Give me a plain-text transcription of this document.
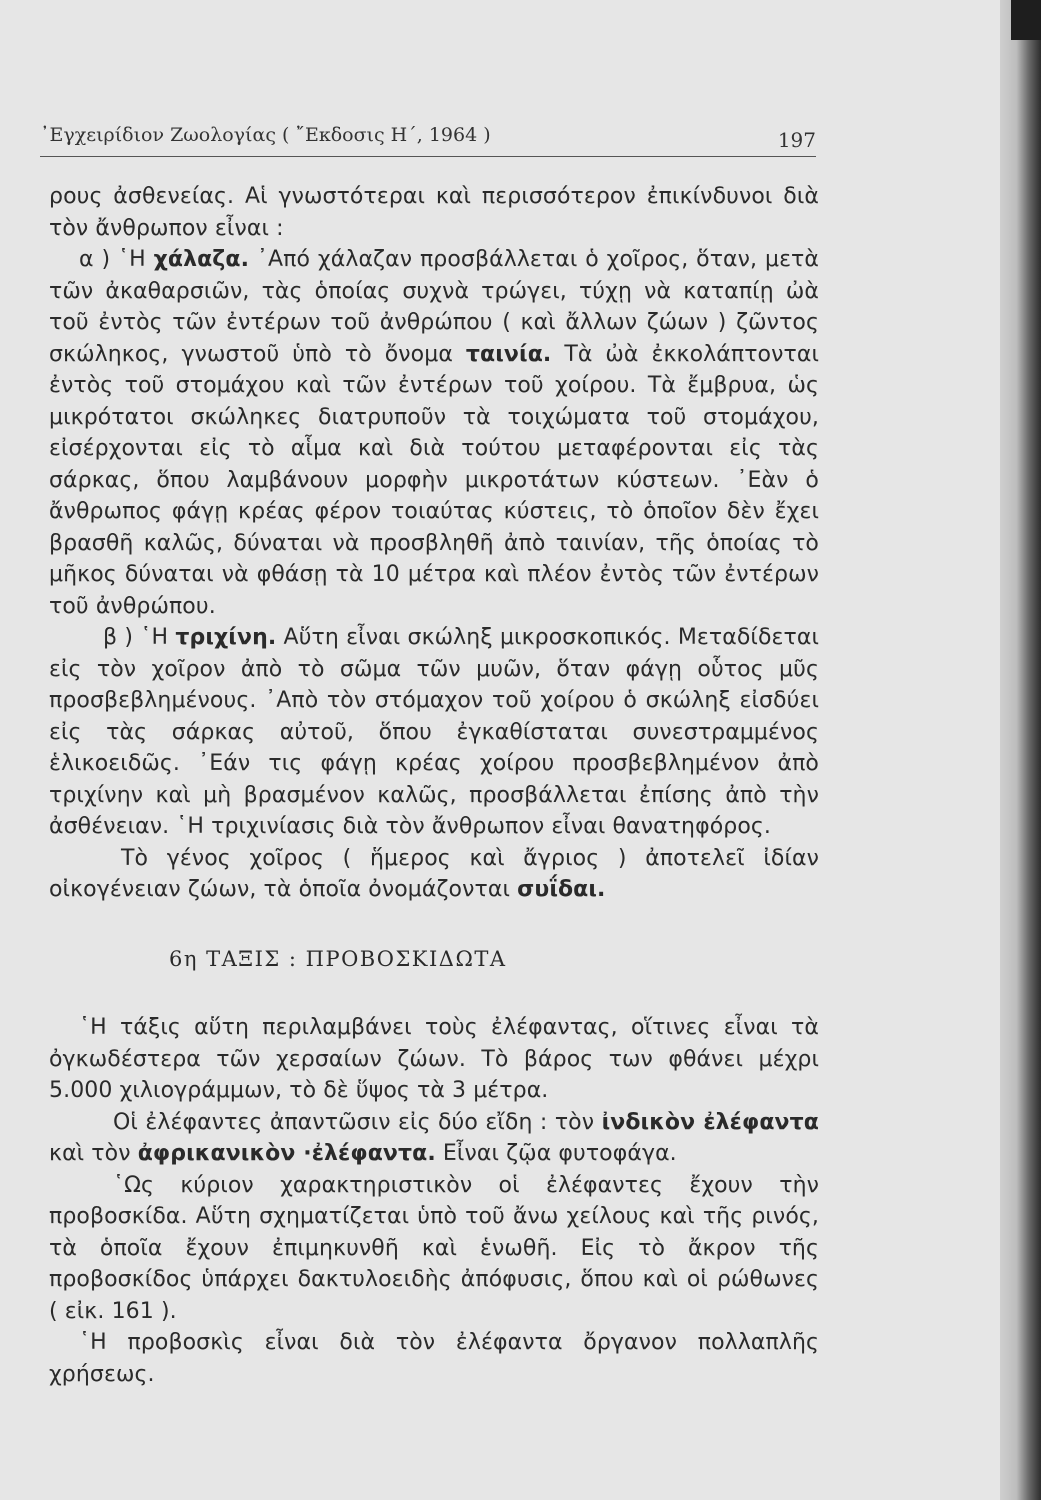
᾿Εγχειρίδιον Ζωολογίας ( ῎Εκδοσις Η΄, 1964 )	197

ρους ἀσθενείας. Αἱ γνωστότεραι καὶ περισσότερον ἐπικίνδυνοι διὰ τὸν ἄνθρωπον εἶναι :

α ) ῾Η χάλαζα. ᾿Από χάλαζαν προσβάλλεται ὁ χοῖρος, ὅταν, μετὰ τῶν ἀκαθαρσιῶν, τὰς ὁποίας συχνὰ τρώγει, τύχῃ νὰ καταπίῃ ὠὰ τοῦ ἐντὸς τῶν ἐντέρων τοῦ ἀνθρώπου ( καὶ ἄλλων ζώων ) ζῶντος σκώληκος, γνωστοῦ ὑπὸ τὸ ὄνομα ταινία. Τὰ ὠὰ ἐκκολάπτονται ἐντὸς τοῦ στομάχου καὶ τῶν ἐντέρων τοῦ χοίρου. Τὰ ἔμβρυα, ὡς μικρότατοι σκώληκες διατρυποῦν τὰ τοιχώματα τοῦ στομάχου, εἰσέρχονται εἰς τὸ αἷμα καὶ διὰ τούτου μεταφέρονται εἰς τὰς σάρκας, ὅπου λαμβάνουν μορφὴν μικροτάτων κύστεων. ᾿Εὰν ὁ ἄνθρωπος φάγῃ κρέας φέρον τοιαύτας κύστεις, τὸ ὁποῖον δὲν ἔχει βρασθῆ καλῶς, δύναται νὰ προσβληθῆ ἀπὸ ταινίαν, τῆς ὁποίας τὸ μῆκος δύναται νὰ φθάσῃ τὰ 10 μέτρα καὶ πλέον ἐντὸς τῶν ἐντέρων τοῦ ἀνθρώπου.

β ) ῾Η τριχίνη. Αὕτη εἶναι σκώληξ μικροσκοπικός. Μεταδίδεται εἰς τὸν χοῖρον ἀπὸ τὸ σῶμα τῶν μυῶν, ὅταν φάγῃ οὗτος μῦς προσβεβλημένους. ᾿Απὸ τὸν στόμαχον τοῦ χοίρου ὁ σκώληξ εἰσδύει εἰς τὰς σάρκας αὐτοῦ, ὅπου ἐγκαθίσταται συνεστραμμένος ἑλικοειδῶς. ᾿Εάν τις φάγῃ κρέας χοίρου προσβεβλημένον ἀπὸ τριχίνην καὶ μὴ βρασμένον καλῶς, προσβάλλεται ἐπίσης ἀπὸ τὴν ἀσθένειαν. ῾Η τριχινίασις διὰ τὸν ἄνθρωπον εἶναι θανατηφόρος.

Τὸ γένος χοῖρος ( ἥμερος καὶ ἄγριος ) ἀποτελεῖ ἰδίαν οἰκογένειαν ζώων, τὰ ὁποῖα ὀνομάζονται συΐδαι.

6η ΤΑΞΙΣ : ΠΡΟΒΟΣΚΙΔΩΤΑ

῾Η τάξις αὕτη περιλαμβάνει τοὺς ἐλέφαντας, οἵτινες εἶναι τὰ ὀγκωδέστερα τῶν χερσαίων ζώων. Τὸ βάρος των φθάνει μέχρι 5.000 χιλιογράμμων, τὸ δὲ ὕψος τὰ 3 μέτρα.

Οἱ ἐλέφαντες ἀπαντῶσιν εἰς δύο εἴδη : τὸν ἰνδικὸν ἐλέφαντα καὶ τὸν ἀφρικανικὸν ·ἐλέφαντα. Εἶναι ζῷα φυτοφάγα.

῾Ως κύριον χαρακτηριστικὸν οἱ ἐλέφαντες ἔχουν τὴν προβοσκίδα. Αὕτη σχηματίζεται ὑπὸ τοῦ ἄνω χείλους καὶ τῆς ρινός, τὰ ὁποῖα ἔχουν ἐπιμηκυνθῆ καὶ ἑνωθῆ. Εἰς τὸ ἄκρον τῆς προβοσκίδος ὑπάρχει δακτυλοειδὴς ἀπόφυσις, ὅπου καὶ οἱ ρώθωνες ( εἰκ. 161 ).

῾Η προβοσκὶς εἶναι διὰ τὸν ἐλέφαντα ὄργανον πολλαπλῆς χρήσεως.
